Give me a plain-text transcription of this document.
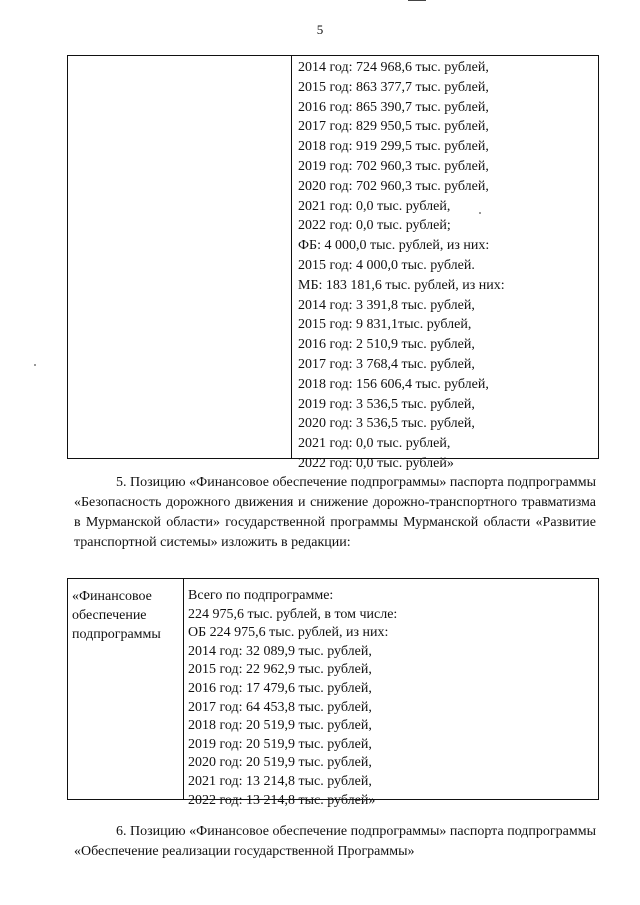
5
2014 год: 724 968,6 тыс. рублей,
2015 год: 863 377,7 тыс. рублей,
2016 год: 865 390,7 тыс. рублей,
2017 год: 829 950,5 тыс. рублей,
2018 год: 919 299,5 тыс. рублей,
2019 год: 702 960,3 тыс. рублей,
2020 год: 702 960,3 тыс. рублей,
2021 год: 0,0 тыс. рублей,
2022 год: 0,0 тыс. рублей;
ФБ: 4 000,0 тыс. рублей, из них:
2015 год: 4 000,0 тыс. рублей.
МБ: 183 181,6 тыс. рублей, из них:
2014 год: 3 391,8 тыс. рублей,
2015 год: 9 831,1тыс. рублей,
2016 год: 2 510,9 тыс. рублей,
2017 год: 3 768,4 тыс. рублей,
2018 год: 156 606,4 тыс. рублей,
2019 год: 3 536,5 тыс. рублей,
2020 год: 3 536,5 тыс. рублей,
2021 год: 0,0 тыс. рублей,
2022 год: 0,0 тыс. рублей»
5. Позицию «Финансовое обеспечение подпрограммы» паспорта подпрограммы «Безопасность дорожного движения и снижение дорожно-транспортного травматизма в Мурманской области» государственной программы Мурманской области «Развитие транспортной системы» изложить в редакции:
«Финансовое
обеспечение
подпрограммы
Всего по подпрограмме:
224 975,6 тыс. рублей, в том числе:
ОБ 224 975,6 тыс. рублей, из них:
2014 год: 32 089,9 тыс. рублей,
2015 год: 22 962,9 тыс. рублей,
2016 год: 17 479,6 тыс. рублей,
2017 год: 64 453,8 тыс. рублей,
2018 год: 20 519,9 тыс. рублей,
2019 год: 20 519,9 тыс. рублей,
2020 год: 20 519,9 тыс. рублей,
2021 год: 13 214,8 тыс. рублей,
2022 год: 13 214,8 тыс. рублей»
6. Позицию «Финансовое обеспечение подпрограммы» паспорта подпрограммы «Обеспечение реализации государственной Программы»
